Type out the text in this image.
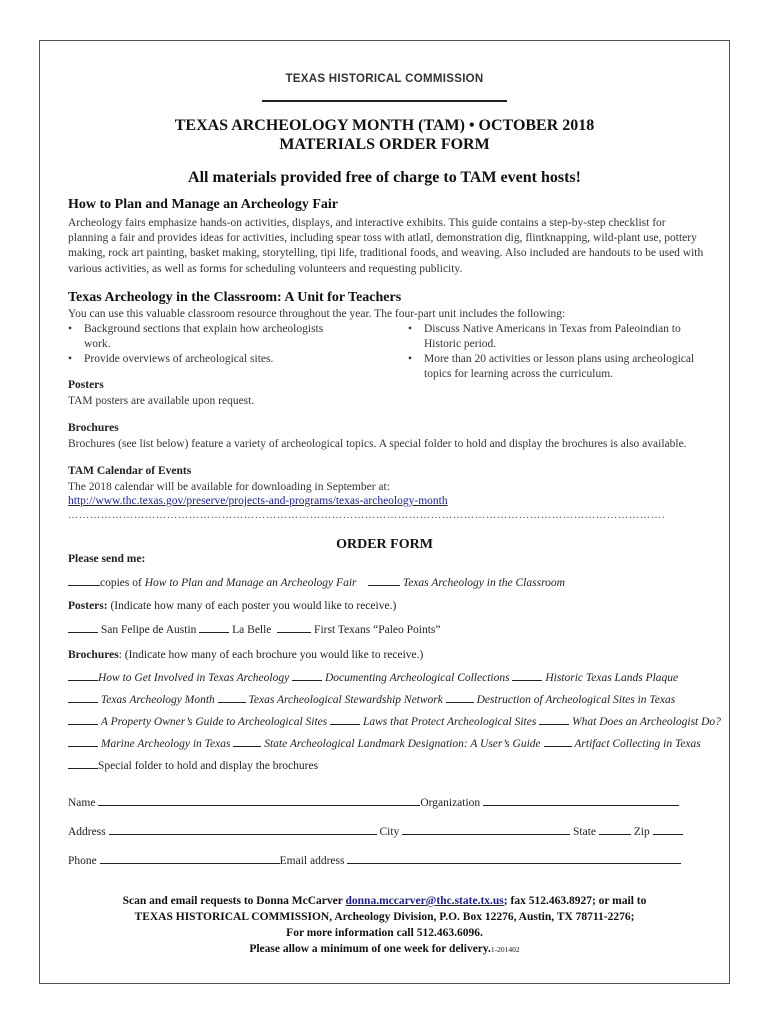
TEXAS HISTORICAL COMMISSION
TEXAS ARCHEOLOGY MONTH (TAM) • OCTOBER 2018
MATERIALS ORDER FORM
All materials provided free of charge to TAM event hosts!
How to Plan and Manage an Archeology Fair
Archeology fairs emphasize hands-on activities, displays, and interactive exhibits. This guide contains a step-by-step checklist for planning a fair and provides ideas for activities, including spear toss with atlatl, demonstration dig, flintknapping, wild-plant use, pottery making, rock art painting, basket making, storytelling, tipi life, traditional foods, and weaving. Also included are handouts to be used with various activities, as well as forms for scheduling volunteers and requesting publicity.
Texas Archeology in the Classroom: A Unit for Teachers
You can use this valuable classroom resource throughout the year. The four-part unit includes the following:
• Background sections that explain how archeologists work.
• Provide overviews of archeological sites.
• Discuss Native Americans in Texas from Paleoindian to Historic period.
• More than 20 activities or lesson plans using archeological topics for learning across the curriculum.
Posters
TAM posters are available upon request.
Brochures
Brochures (see list below) feature a variety of archeological topics. A special folder to hold and display the brochures is also available.
TAM Calendar of Events
The 2018 calendar will be available for downloading in September at:
http://www.thc.texas.gov/preserve/projects-and-programs/texas-archeology-month
……………………………………………………………………………………………………………………………………………….
ORDER FORM
Please send me:
copies of How to Plan and Manage an Archeology Fair	Texas Archeology in the Classroom
Posters: (Indicate how many of each poster you would like to receive.)
San Felipe de Austin	La Belle	First Texans “Paleo Points”
Brochures: (Indicate how many of each brochure you would like to receive.)
How to Get Involved in Texas Archeology	Documenting Archeological Collections	Historic Texas Lands Plaque
Texas Archeology Month	Texas Archeological Stewardship Network	Destruction of Archeological Sites in Texas
A Property Owner’s Guide to Archeological Sites	Laws that Protect Archeological Sites	What Does an Archeologist Do?
Marine Archeology in Texas	State Archeological Landmark Designation: A User’s Guide	Artifact Collecting in Texas
Special folder to hold and display the brochures
Name	Organization
Address	City	State	Zip
Phone	Email address
Scan and email requests to Donna McCarver donna.mccarver@thc.state.tx.us; fax 512.463.8927; or mail to
TEXAS HISTORICAL COMMISSION, Archeology Division, P.O. Box 12276, Austin, TX 78711-2276;
For more information call 512.463.6096.
Please allow a minimum of one week for delivery.1-201402
